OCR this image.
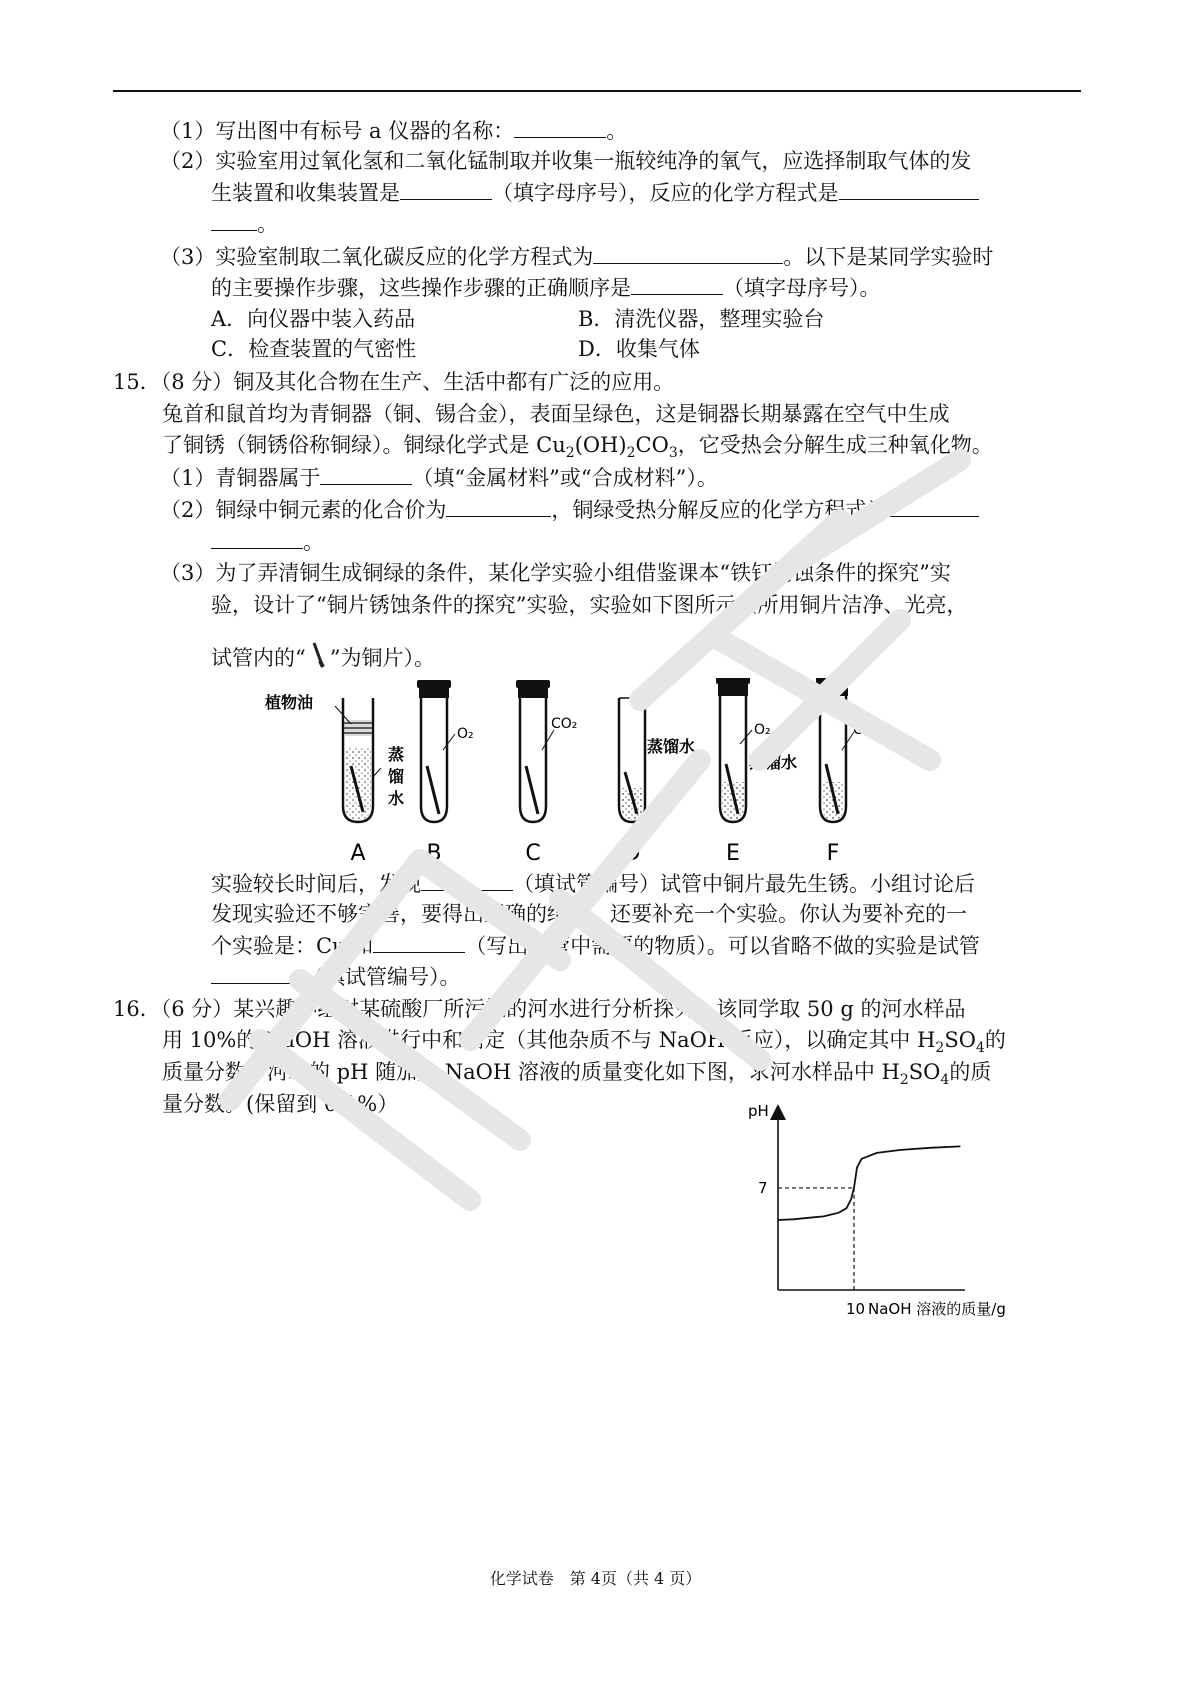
（1）写出图中有标号 a 仪器的名称：	。
（2）实验室用过氧化氢和二氧化锰制取并收集一瓶较纯净的氧气，应选择制取气体的发
生装置和收集装置是	（填字母序号），反应的化学方程式是
。
（3）实验室制取二氧化碳反应的化学方程式为	。以下是某同学实验时
的主要操作步骤，这些操作步骤的正确顺序是	（填字母序号）。
A．向仪器中装入药品	B．清洗仪器，整理实验台
C．检查装置的气密性	D．收集气体
15．（8 分）铜及其化合物在生产、生活中都有广泛的应用。
兔首和鼠首均为青铜器（铜、锡合金），表面呈绿色，这是铜器长期暴露在空气中生成
了铜锈（铜锈俗称铜绿）。铜绿化学式是 $Cu_2(OH)_2CO_3$，它受热会分解生成三种氧化物。
（1）青铜器属于	（填“金属材料”或“合成材料”）。
（2）铜绿中铜元素的化合价为	，铜绿受热分解反应的化学方程式为
。
（3）为了弄清铜生成铜绿的条件，某化学实验小组借鉴课本“铁钉锈蚀条件的探究”实
验，设计了“铜片锈蚀条件的探究”实验，实验如下图所示（所用铜片洁净、光亮，
试管内的“ ”为铜片）。
植物油
蒸
馏
水
O₂
CO₂
蒸馏水
O₂
蒸馏水
CO₂
A	B	C	D	E	F
实验较长时间后，发现	（填试管编号）试管中铜片最先生锈。小组讨论后
发现实验还不够完善，要得出正确的结论，还要补充一个实验。你认为要补充的一
个实验是：Cu 和	（写出试管中需要的物质）。可以省略不做的实验是试管
（填试管编号）。
16．（6 分）某兴趣小组对某硫酸厂所污染的河水进行分析探究。该同学取 50 g 的河水样品
用 10%的 NaOH 溶液进行中和滴定（其他杂质不与 NaOH 反应），以确定其中 $H_2SO_4$的
质量分数。河水的 pH 随加入 NaOH 溶液的质量变化如下图，求河水样品中 $H_2SO_4$的质
量分数。(保留到 0.1%）	pH
7
10 NaOH 溶液的质量/g
化学试卷　第 4页（共 4 页）
